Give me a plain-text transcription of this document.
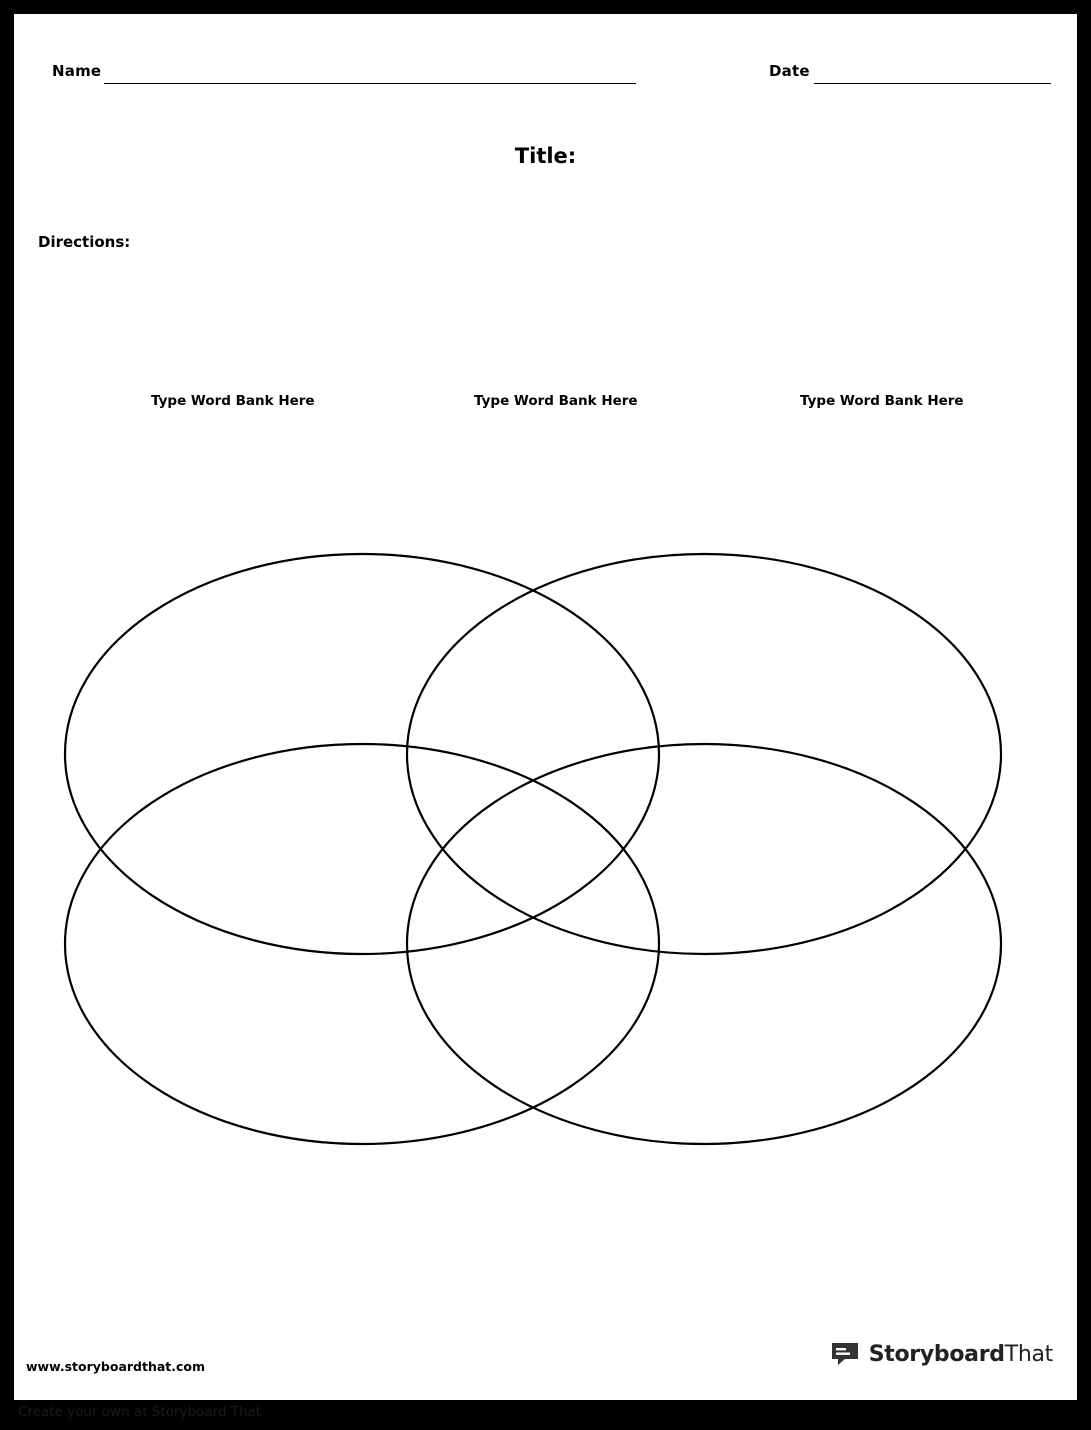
Name	Date
Title:
Directions:
Type Word Bank Here	Type Word Bank Here	Type Word Bank Here
www.storyboardthat.com	StoryboardThat
Create your own at Storyboard That
